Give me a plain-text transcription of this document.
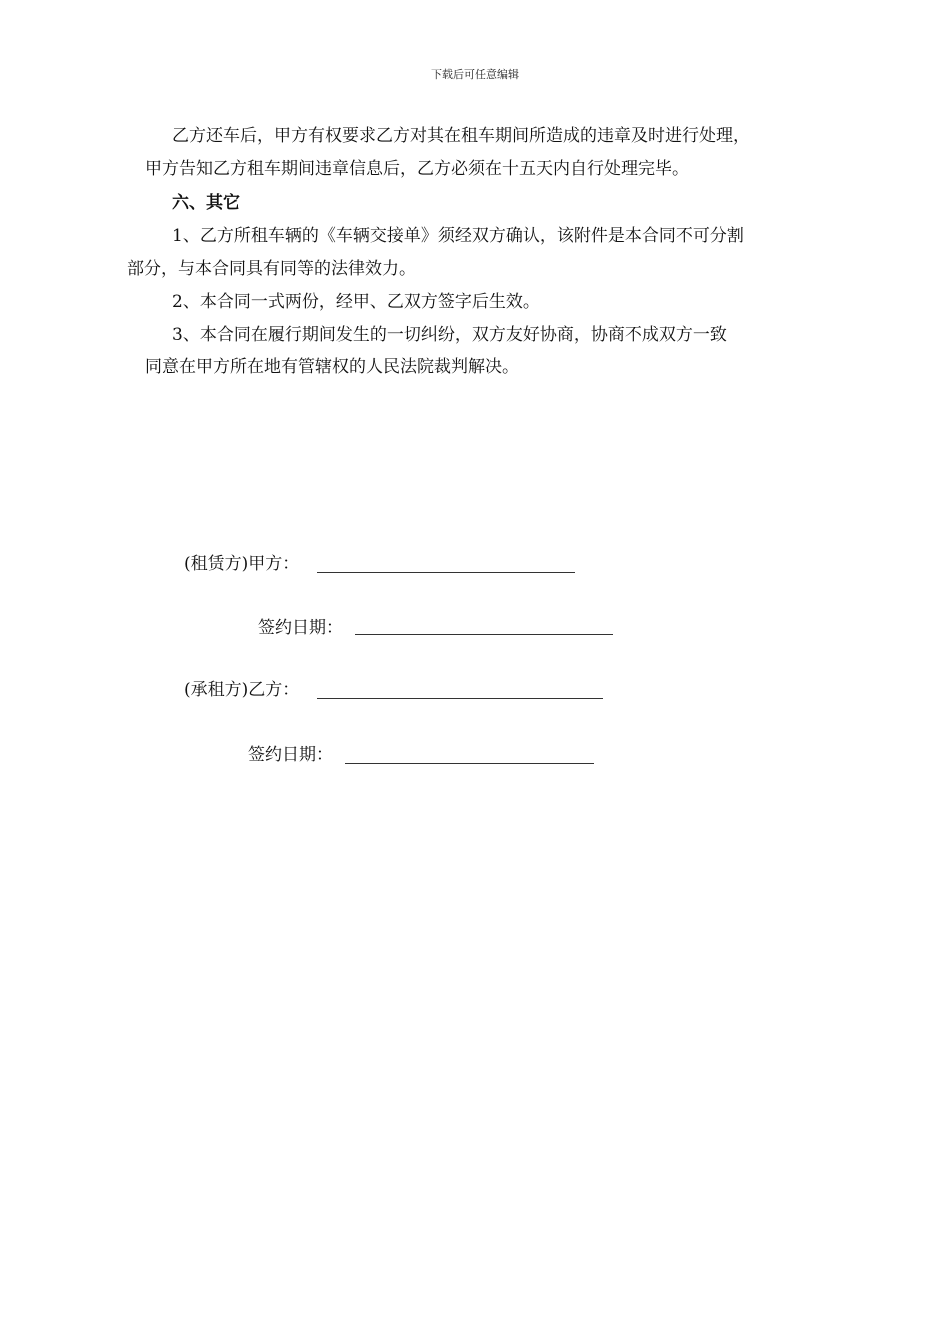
下载后可任意编辑
乙方还车后，甲方有权要求乙方对其在租车期间所造成的违章及时进行处理，
甲方告知乙方租车期间违章信息后，乙方必须在十五天内自行处理完毕。
六、其它
1、乙方所租车辆的《车辆交接单》须经双方确认，该附件是本合同不可分割
部分，与本合同具有同等的法律效力。
2、本合同一式两份，经甲、乙双方签字后生效。
3、本合同在履行期间发生的一切纠纷，双方友好协商，协商不成双方一致
同意在甲方所在地有管辖权的人民法院裁判解决。
(租赁方)甲方：
签约日期：
(承租方)乙方：
签约日期：
